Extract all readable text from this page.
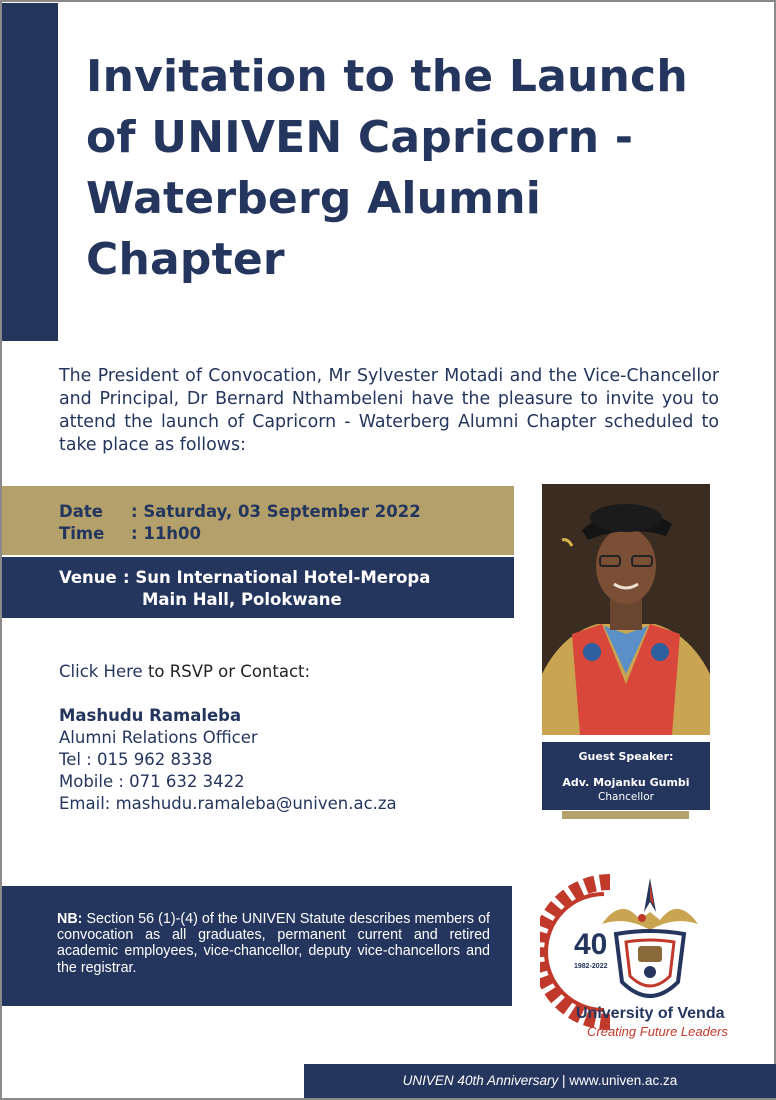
Invitation to the Launch of UNIVEN Capricorn - Waterberg Alumni Chapter

The President of Convocation, Mr Sylvester Motadi and the Vice-Chancellor and Principal, Dr Bernard Nthambeleni have the pleasure to invite you to attend the launch of Capricorn - Waterberg Alumni Chapter scheduled to take place as follows:

Date : Saturday, 03 September 2022
Time : 11h00
Venue : Sun International Hotel-Meropa
Main Hall, Polokwane
Click Here to RSVP or Contact:
Mashudu Ramaleba
Alumni Relations Officer
Tel : 015 962 8338
Mobile : 071 632 3422
Email: mashudu.ramaleba@univen.ac.za
Guest Speaker:
Adv. Mojanku Gumbi
Chancellor

NB: Section 56 (1)-(4) of the UNIVEN Statute describes members of convocation as all graduates, permanent current and retired academic employees, vice-chancellor, deputy vice-chancellors and the registrar.

40
1982-2022
University of Venda
Creating Future Leaders
UNIVEN 40th Anniversary | www.univen.ac.za
